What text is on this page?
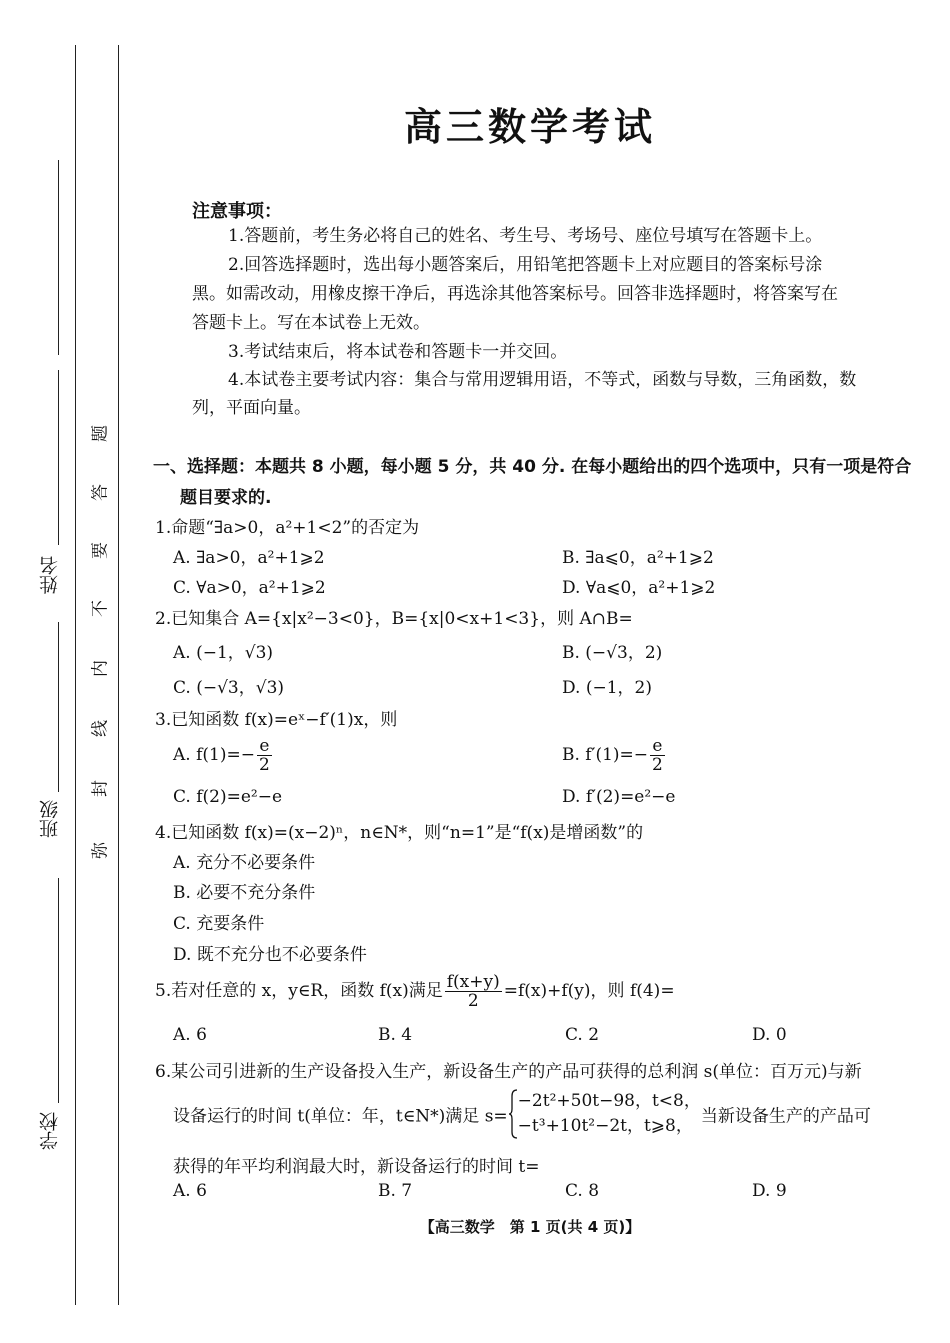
弥
封
线
内
不
要
答
题
学校
班级
姓名
高三数学考试
注意事项：
1.答题前，考生务必将自己的姓名、考生号、考场号、座位号填写在答题卡上。
2.回答选择题时，选出每小题答案后，用铅笔把答题卡上对应题目的答案标号涂
黑。如需改动，用橡皮擦干净后，再选涂其他答案标号。回答非选择题时，将答案写在
答题卡上。写在本试卷上无效。
3.考试结束后，将本试卷和答题卡一并交回。
4.本试卷主要考试内容：集合与常用逻辑用语，不等式，函数与导数，三角函数，数
列，平面向量。
一、选择题：本题共 8 小题，每小题 5 分，共 40 分. 在每小题给出的四个选项中，只有一项是符合
题目要求的.
1.命题“∃a>0，a²+1<2”的否定为
A. ∃a>0，a²+1⩾2	B. ∃a⩽0，a²+1⩾2
C. ∀a>0，a²+1⩾2	D. ∀a⩽0，a²+1⩾2
2.已知集合 A={x|x²−3<0}，B={x|0<x+1<3}，则 A∩B=
A. (−1，√3)	B. (−√3，2)
C. (−√3，√3)	D. (−1，2)
3.已知函数 f(x)=eˣ−f′(1)x，则
A. $f(1)=- \frac{e}{2}$	B. $f'(1)=- \frac{e}{2}$
C. f(2)=e²−e	D. f′(2)=e²−e
4.已知函数 f(x)=(x−2)ⁿ，n∈N*，则“n=1”是“f(x)是增函数”的
A. 充分不必要条件
B. 必要不充分条件
C. 充要条件
D. 既不充分也不必要条件
5.若对任意的 x，y∈R，函数 f(x)满足 $\frac{f(x+y)}{2} =f(x)+f(y)$，则 f(4)=
A. 6	B. 4	C. 2	D. 0
6.某公司引进新的生产设备投入生产，新设备生产的产品可获得的总利润 s(单位：百万元)与新
设备运行的时间 t(单位：年，t∈N*)满足 s=
−2t²+50t−98，t<8，
−t³+10t²−2t，t⩾8， 当新设备生产的产品可
获得的年平均利润最大时，新设备运行的时间 t=
A. 6	B. 7	C. 8	D. 9
【高三数学　第 1 页(共 4 页)】
